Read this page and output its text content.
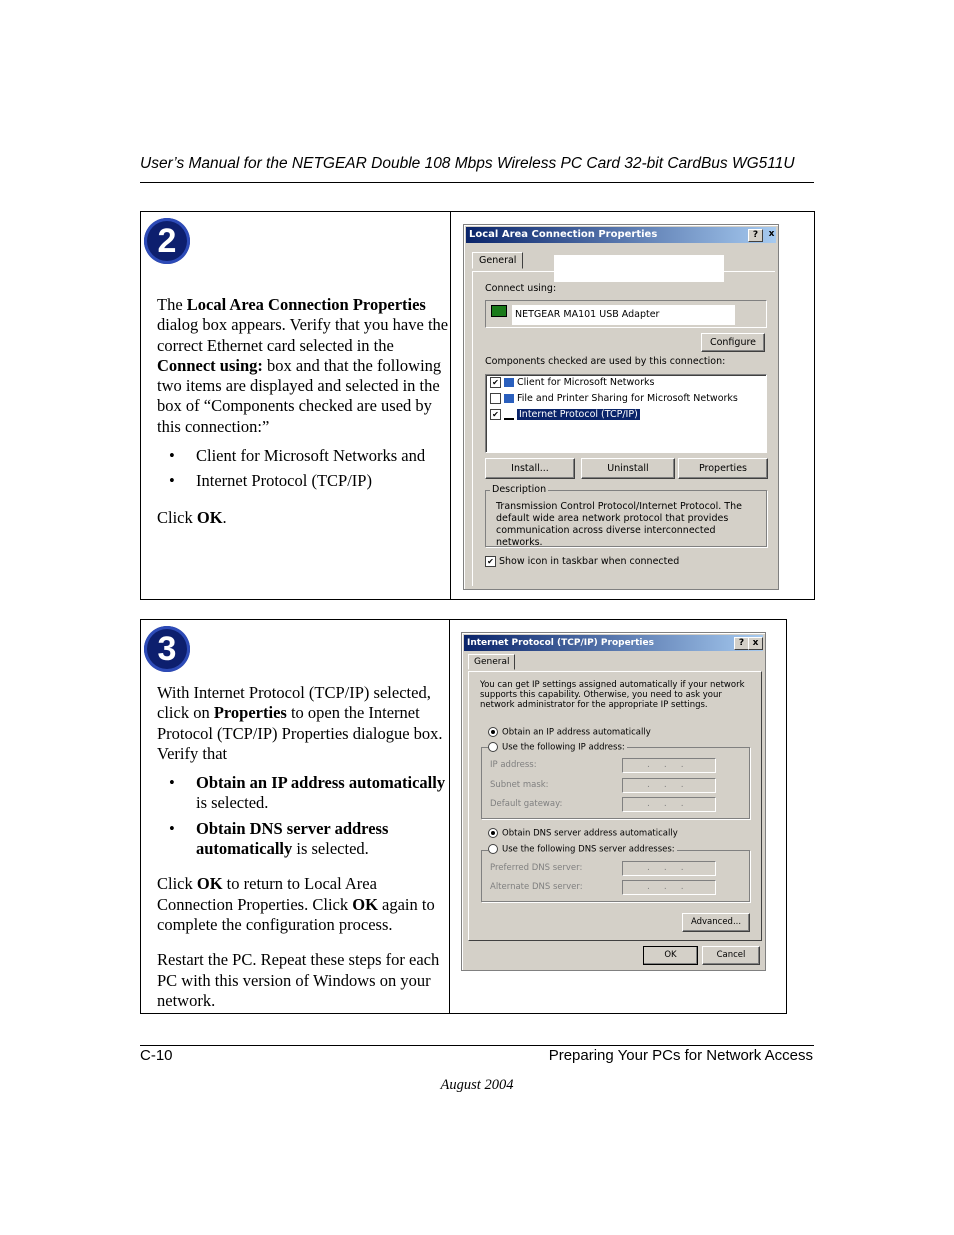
User’s Manual for the NETGEAR Double 108 Mbps Wireless PC Card 32-bit CardBus WG511U
2

The Local Area Connection Properties dialog box appears. Verify that you have the correct Ethernet card selected in the Connect using: box and that the following two items are displayed and selected in the box of “Components checked are used by this connection:”

• Client for Microsoft Networks and
• Internet Protocol (TCP/IP)

Click OK.

Local Area Connection Properties	?	x
General
Connect using:
NETGEAR MA101 USB Adapter
Configure
Components checked are used by this connection:
✔ Client for Microsoft Networks
File and Printer Sharing for Microsoft Networks
✔ Internet Protocol (TCP/IP)
Install...	Uninstall	Properties
Description
Transmission Control Protocol/Internet Protocol. The default wide area network protocol that provides communication across diverse interconnected networks.
✔ Show icon in taskbar when connected
3

With Internet Protocol (TCP/IP) selected, click on Properties to open the Internet Protocol (TCP/IP) Properties dialogue box. Verify that

• Obtain an IP address automatically is selected.
• Obtain DNS server address automatically is selected.

Click OK to return to Local Area Connection Properties. Click OK again to complete the configuration process.

Restart the PC. Repeat these steps for each PC with this version of Windows on your network.

Internet Protocol (TCP/IP) Properties	? x
General
You can get IP settings assigned automatically if your network supports this capability. Otherwise, you need to ask your network administrator for the appropriate IP settings.
Obtain an IP address automatically
Use the following IP address:
IP address:	...
Subnet mask:	...
Default gateway:	...
Obtain DNS server address automatically
Use the following DNS server addresses:
Preferred DNS server:	...
Alternate DNS server:	...
Advanced...
OK	Cancel
C-10	Preparing Your PCs for Network Access
August 2004
